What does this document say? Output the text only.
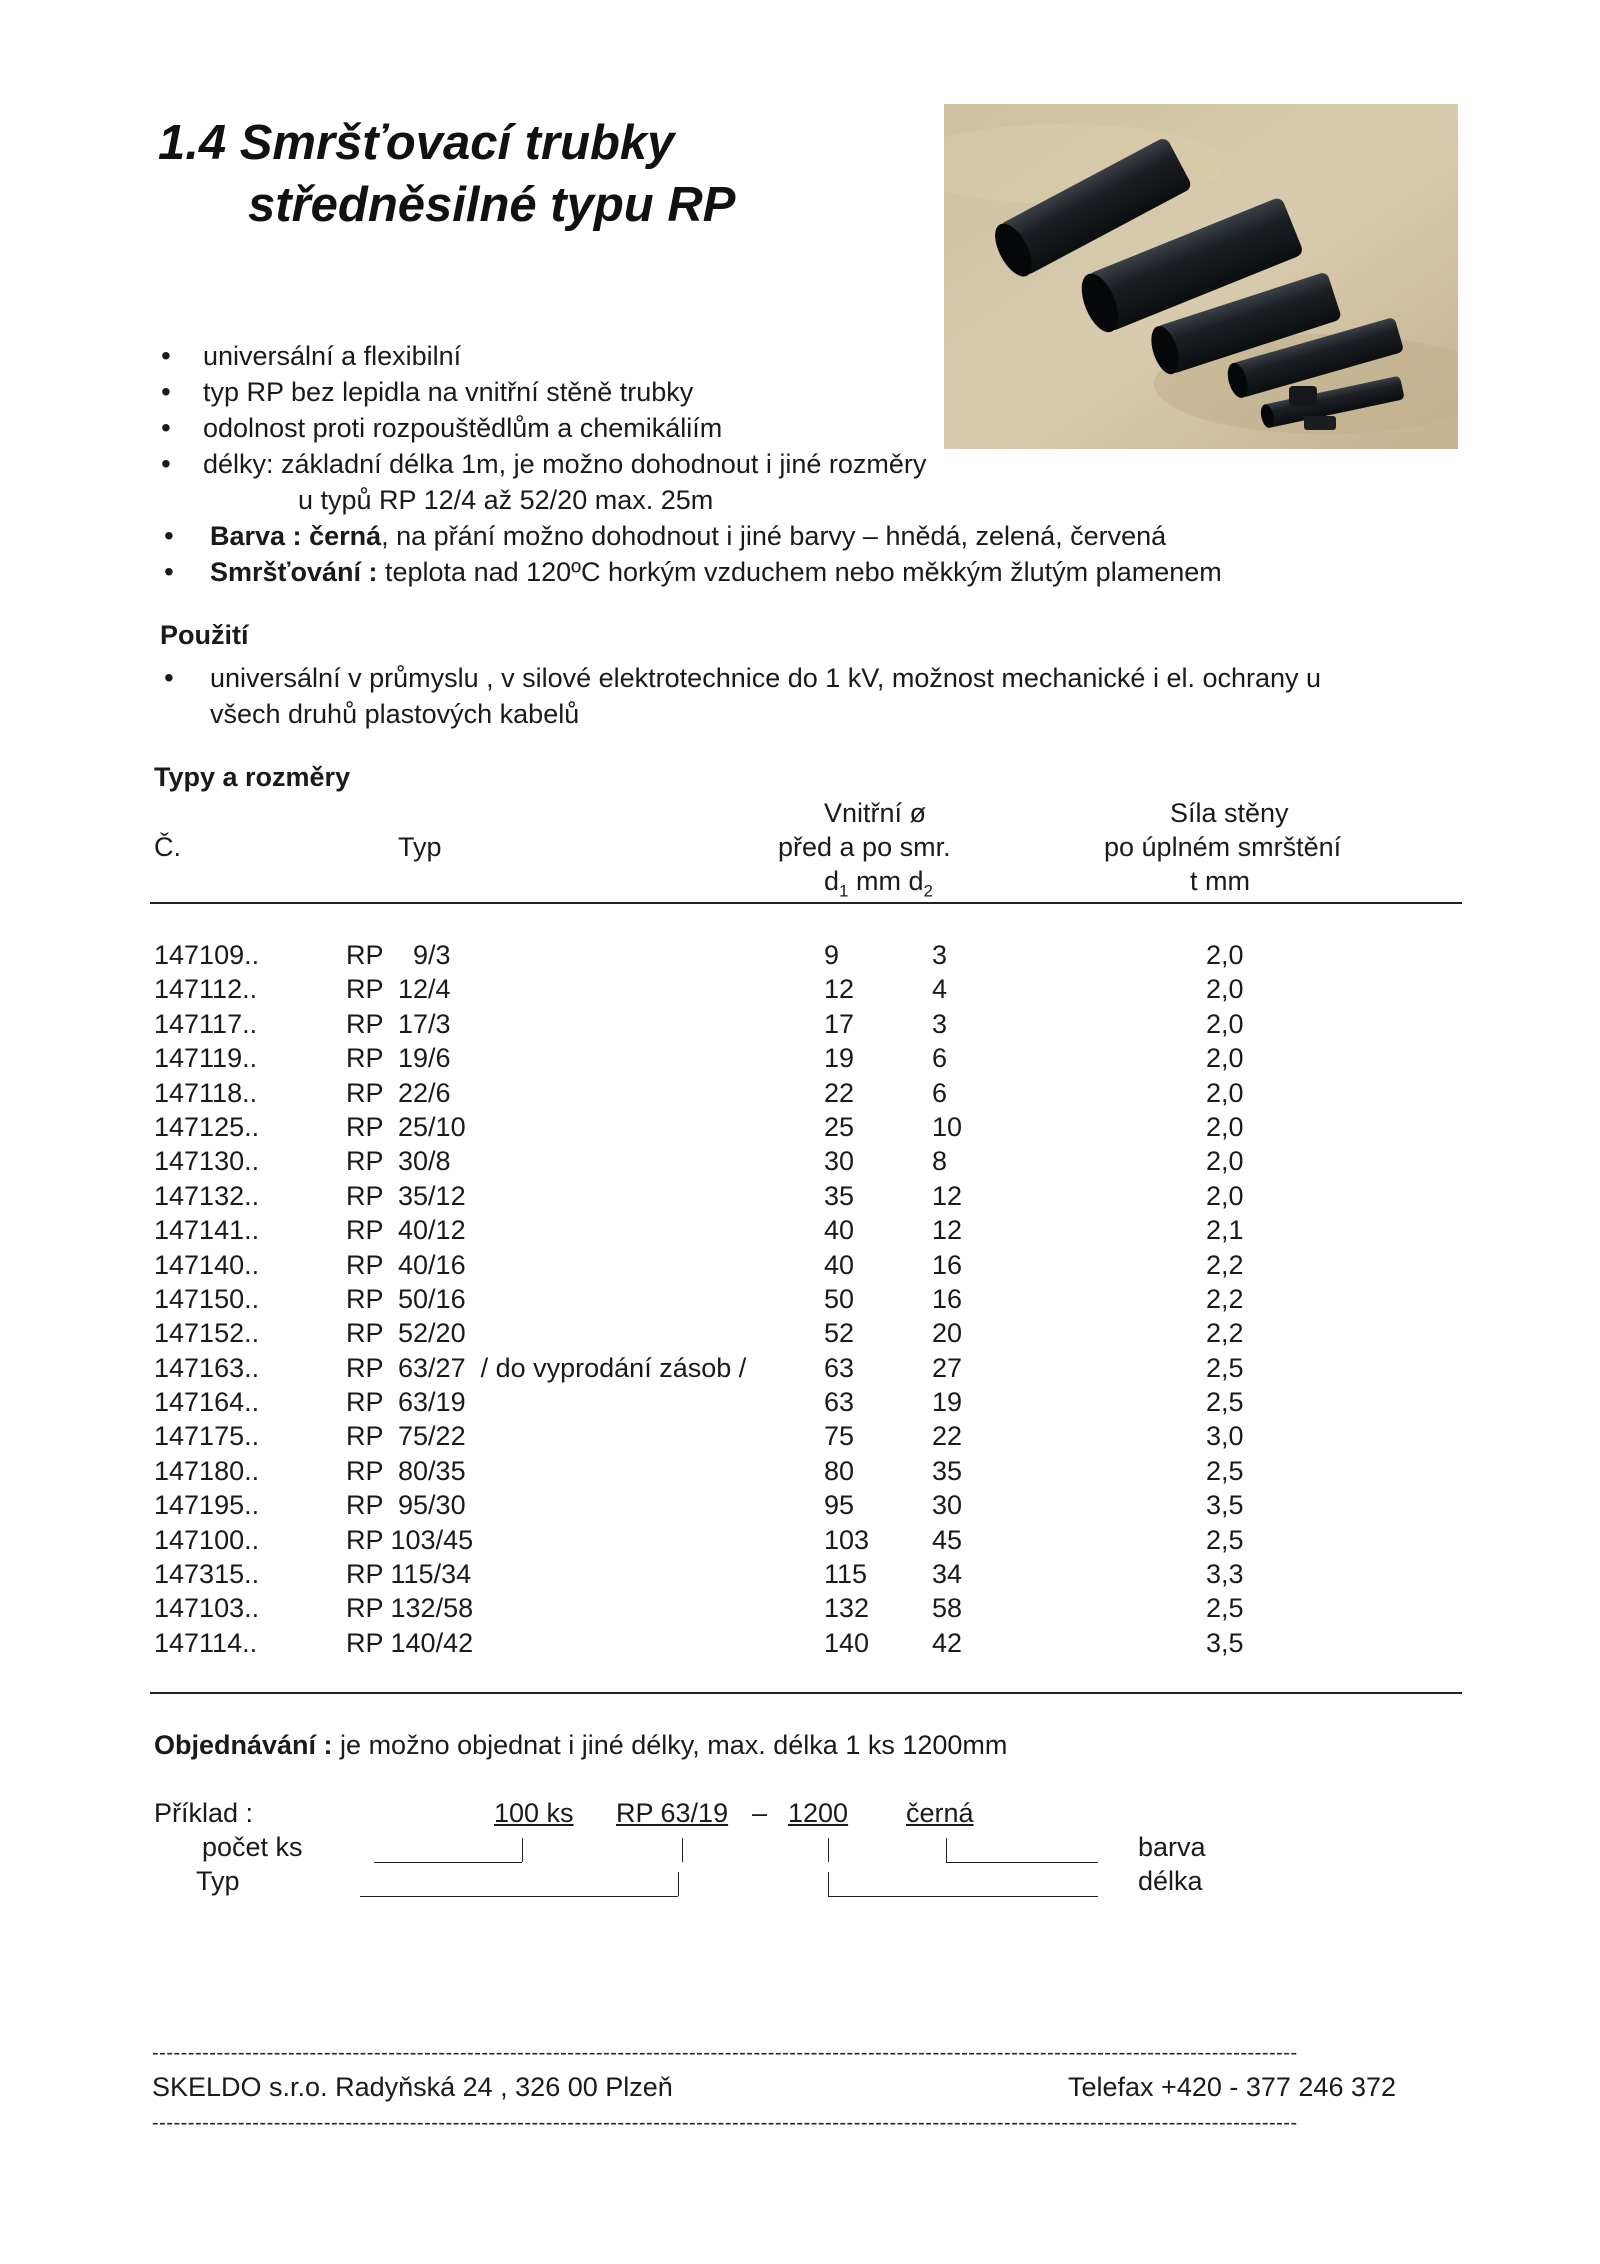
1.4 Smršťovací trubky
středněsilné typu RP
• universální a flexibilní
• typ RP bez lepidla na vnitřní stěně trubky
• odolnost proti rozpouštědlům a chemikáliím
• délky: základní délka 1m, je možno dohodnout i jiné rozměry
u typů RP 12/4 až 52/20 max. 25m
• Barva : černá, na přání možno dohodnout i jiné barvy – hnědá, zelená, červená
• Smršťování : teplota nad 120ºC horkým vzduchem nebo měkkým žlutým plamenem
Použití
• universální v průmyslu , v silové elektrotechnice do 1 kV, možnost mechanické i el. ochrany u
všech druhů plastových kabelů
Typy a rozměry
Č.	Typ
Vnitřní ø
před a po smr.
$d_1$ mm $d_2$
Síla stěny
po úplném smrštění
t mm
147109..	RP    9/3	9	3	2,0
147112..	RP  12/4	12	4	2,0
147117..	RP  17/3	17	3	2,0
147119..	RP  19/6	19	6	2,0
147118..	RP  22/6	22	6	2,0
147125..	RP  25/10	25	10	2,0
147130..	RP  30/8	30	8	2,0
147132..	RP  35/12	35	12	2,0
147141..	RP  40/12	40	12	2,1
147140..	RP  40/16	40	16	2,2
147150..	RP  50/16	50	16	2,2
147152..	RP  52/20	52	20	2,2
147163..	RP  63/27  / do vyprodání zásob /	63	27	2,5
147164..	RP  63/19	63	19	2,5
147175..	RP  75/22	75	22	3,0
147180..	RP  80/35	80	35	2,5
147195..	RP  95/30	95	30	3,5
147100..	RP 103/45	103 45	2,5
147315..	RP 115/34	115 34	3,3
147103..	RP 132/58	132 58	2,5
147114..	RP 140/42	140 42	3,5
Objednávání : je možno objednat i jiné délky, max. délka 1 ks 1200mm
Příklad :	100 ks RP 63/19 – 1200 černá
počet ks	barva
Typ	délka
----------------------------------------------------------------------------------------------------------------------------------------------------------------
SKELDO s.r.o. Radyňská 24 , 326 00 Plzeň	Telefax +420 - 377 246 372
----------------------------------------------------------------------------------------------------------------------------------------------------------------
